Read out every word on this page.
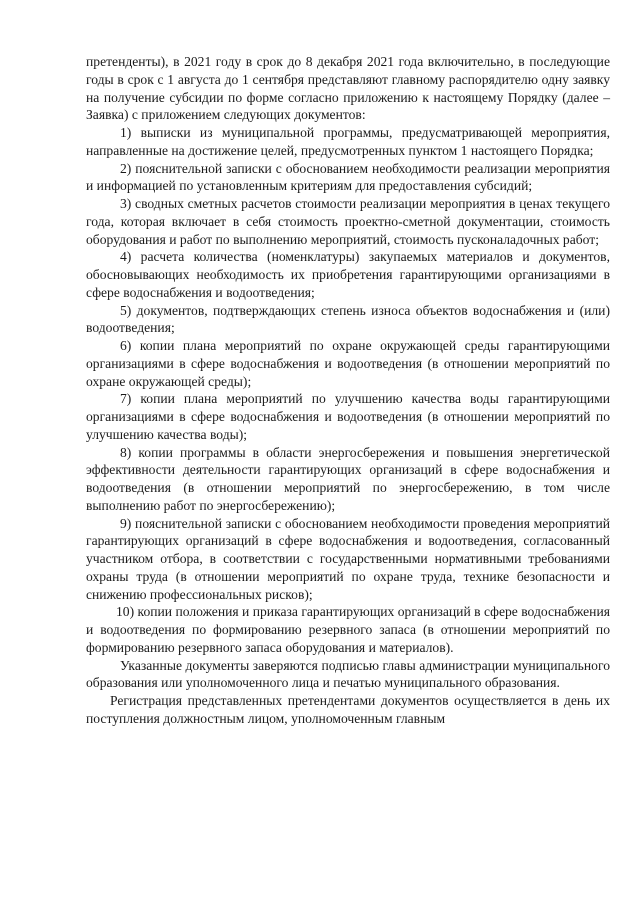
претенденты), в 2021 году в срок до 8 декабря 2021 года включительно, в последующие годы в срок с 1 августа до 1 сентября представляют главному распорядителю одну заявку на получение субсидии по форме согласно приложению к настоящему Порядку (далее – Заявка) с приложением следующих документов:

1) выписки из муниципальной программы, предусматривающей мероприятия, направленные на достижение целей, предусмотренных пунктом 1 настоящего Порядка;

2) пояснительной записки с обоснованием необходимости реализации мероприятия и информацией по установленным критериям для предоставления субсидий;

3) сводных сметных расчетов стоимости реализации мероприятия в ценах текущего года, которая включает в себя стоимость проектно-сметной документации, стоимость оборудования и работ по выполнению мероприятий, стоимость пусконаладочных работ;

4) расчета количества (номенклатуры) закупаемых материалов и документов, обосновывающих необходимость их приобретения гарантирующими организациями в сфере водоснабжения и водоотведения;

5) документов, подтверждающих степень износа объектов водоснабжения и (или) водоотведения;

6) копии плана мероприятий по охране окружающей среды гарантирующими организациями в сфере водоснабжения и водоотведения (в отношении мероприятий по охране окружающей среды);

7) копии плана мероприятий по улучшению качества воды гарантирующими организациями в сфере водоснабжения и водоотведения (в отношении мероприятий по улучшению качества воды);

8) копии программы в области энергосбережения и повышения энергетической эффективности деятельности гарантирующих организаций в сфере водоснабжения и водоотведения (в отношении мероприятий по энергосбережению, в том числе выполнению работ по энергосбережению);

9) пояснительной записки с обоснованием необходимости проведения мероприятий гарантирующих организаций в сфере водоснабжения и водоотведения, согласованный участником отбора, в соответствии с государственными нормативными требованиями охраны труда (в отношении мероприятий по охране труда, технике безопасности и снижению профессиональных рисков);

10) копии положения и приказа гарантирующих организаций в сфере водоснабжения и водоотведения по формированию резервного запаса (в отношении мероприятий по формированию резервного запаса оборудования и материалов).

Указанные документы заверяются подписью главы администрации муниципального образования или уполномоченного лица и печатью муниципального образования.

Регистрация представленных претендентами документов осуществляется в день их поступления должностным лицом, уполномоченным главным
